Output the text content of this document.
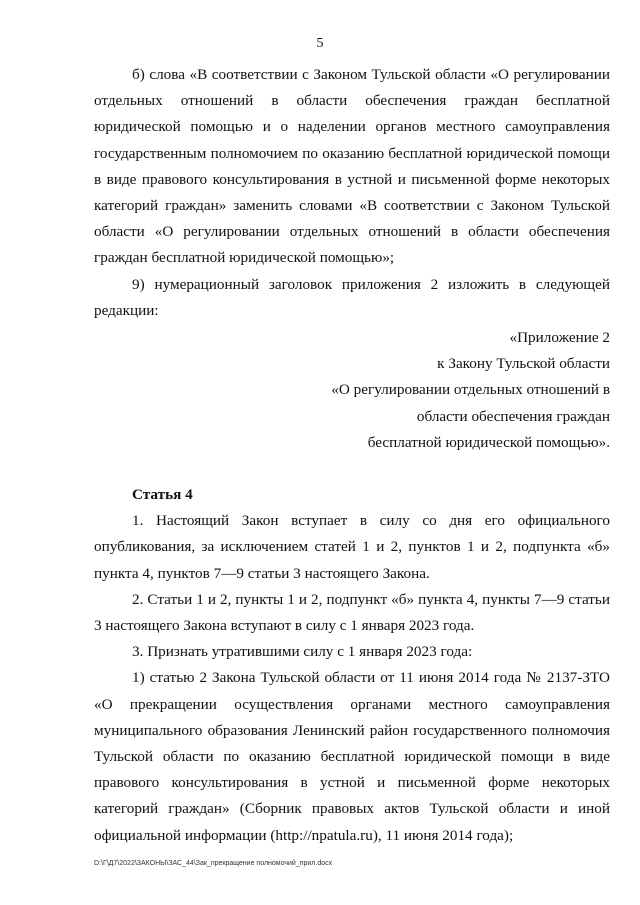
5

б) слова «В соответствии с Законом Тульской области «О регулировании отдельных отношений в области обеспечения граждан бесплатной юридической помощью и о наделении органов местного самоуправления государственным полномочием по оказанию бесплатной юридической помощи в виде правового консультирования в устной и письменной форме некоторых категорий граждан» заменить словами «В соответствии с Законом Тульской области «О регулировании отдельных отношений в области обеспечения граждан бесплатной юридической помощью»;

9) нумерационный заголовок приложения 2 изложить в следующей редакции:

«Приложение 2
к Закону Тульской области
«О регулировании отдельных отношений в
области обеспечения граждан
бесплатной юридической помощью».

Статья 4

1. Настоящий Закон вступает в силу со дня его официального опубликования, за исключением статей 1 и 2, пунктов 1 и 2, подпункта «б» пункта 4, пунктов 7—9 статьи 3 настоящего Закона.

2. Статьи 1 и 2, пункты 1 и 2, подпункт «б» пункта 4, пункты 7—9 статьи 3 настоящего Закона вступают в силу с 1 января 2023 года.

3. Признать утратившими силу с 1 января 2023 года:

1) статью 2 Закона Тульской области от 11 июня 2014 года № 2137-ЗТО «О прекращении осуществления органами местного самоуправления муниципального образования Ленинский район государственного полномочия Тульской области по оказанию бесплатной юридической помощи в виде правового консультирования в устной и письменной форме некоторых категорий граждан» (Сборник правовых актов Тульской области и иной официальной информации (http://npatula.ru), 11 июня 2014 года);

D:\Г\Д7\2022\ЗАКОНЫ\ЗАС_44\Зак_прекращение полномочий_прил.docx
